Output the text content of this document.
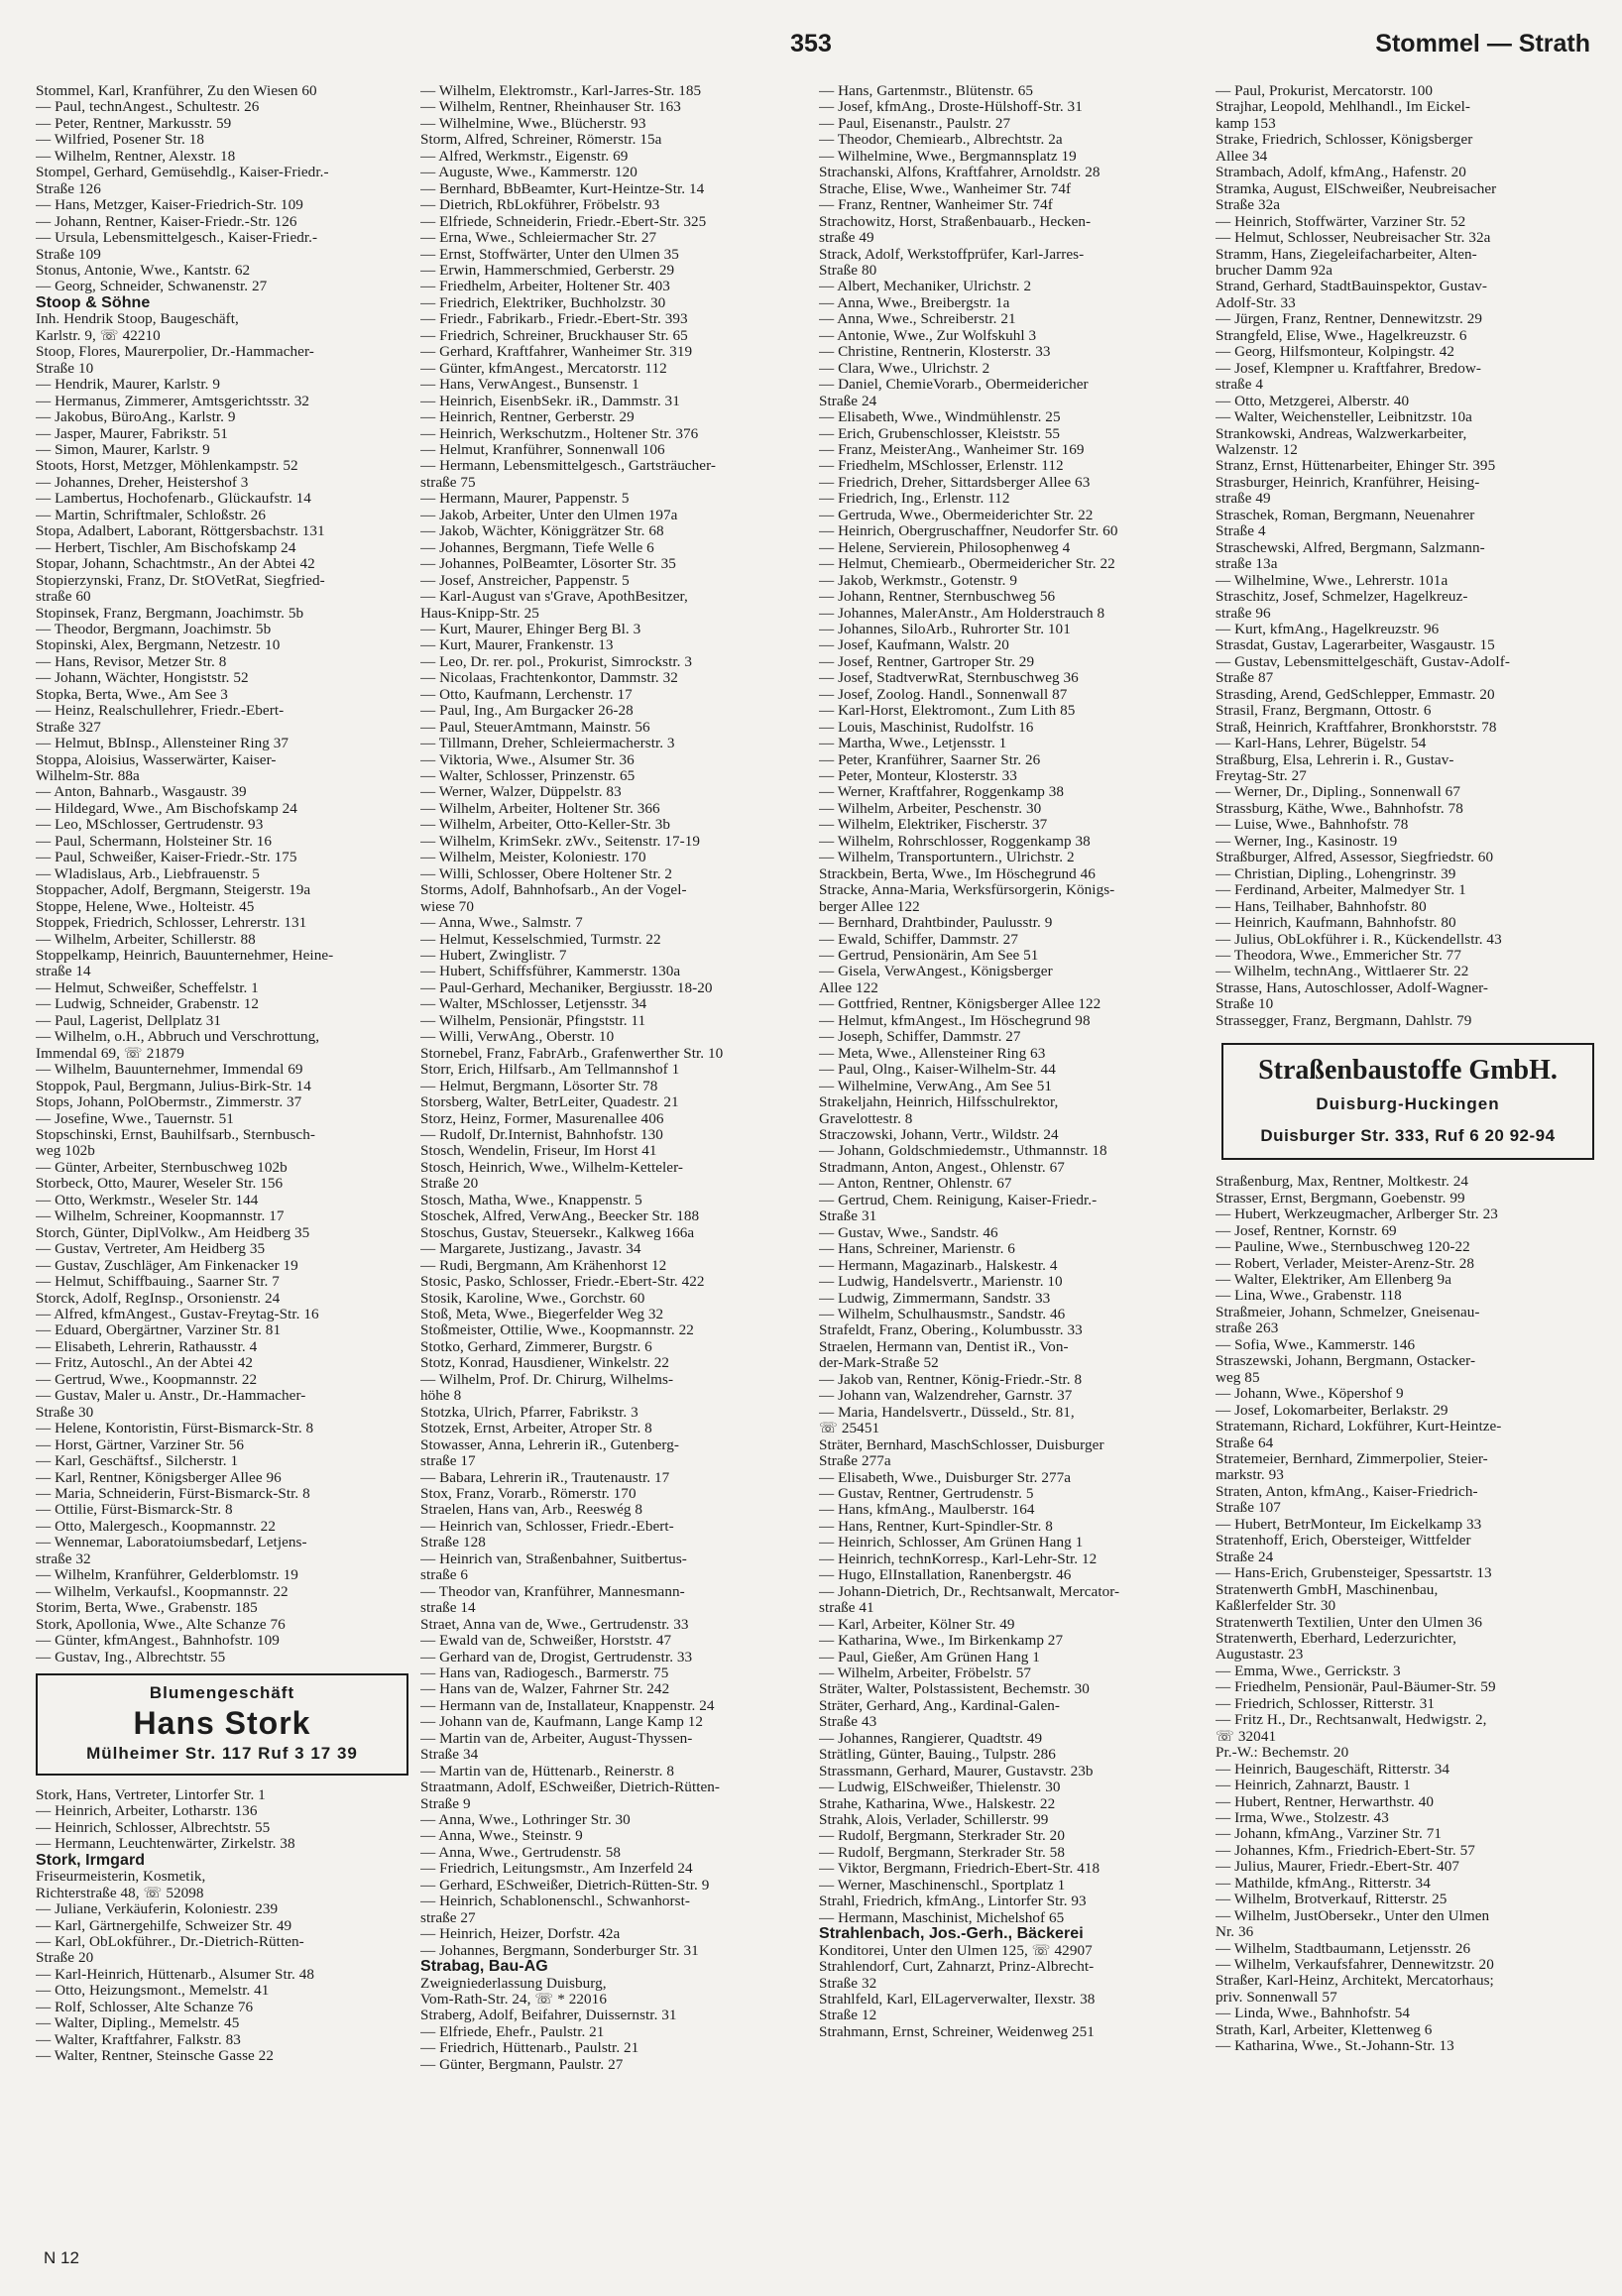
353	Stommel — Strath
Stommel, Karl, Kranführer, Zu den Wiesen 60
— Paul, technAngest., Schultestr. 26
— Peter, Rentner, Markusstr. 59
— Wilfried, Posener Str. 18
— Wilhelm, Rentner, Alexstr. 18
Stompel, Gerhard, Gemüsehdlg., Kaiser-Friedr.-
Straße 126
— Hans, Metzger, Kaiser-Friedrich-Str. 109
— Johann, Rentner, Kaiser-Friedr.-Str. 126
— Ursula, Lebensmittelgesch., Kaiser-Friedr.-
Straße 109
Stonus, Antonie, Wwe., Kantstr. 62
— Georg, Schneider, Schwanenstr. 27
Stoop & Söhne
Inh. Hendrik Stoop, Baugeschäft,
Karlstr. 9, ☏ 42210
Stoop, Flores, Maurerpolier, Dr.-Hammacher-
Straße 10
— Hendrik, Maurer, Karlstr. 9
— Hermanus, Zimmerer, Amtsgerichtsstr. 32
— Jakobus, BüroAng., Karlstr. 9
— Jasper, Maurer, Fabrikstr. 51
— Simon, Maurer, Karlstr. 9
Stoots, Horst, Metzger, Möhlenkampstr. 52
— Johannes, Dreher, Heistershof 3
— Lambertus, Hochofenarb., Glückaufstr. 14
— Martin, Schriftmaler, Schloßstr. 26
Stopa, Adalbert, Laborant, Röttgersbachstr. 131
— Herbert, Tischler, Am Bischofskamp 24
Stopar, Johann, Schachtmstr., An der Abtei 42
Stopierzynski, Franz, Dr. StOVetRat, Siegfried-
straße 60
Stopinsek, Franz, Bergmann, Joachimstr. 5b
— Theodor, Bergmann, Joachimstr. 5b
Stopinski, Alex, Bergmann, Netzestr. 10
— Hans, Revisor, Metzer Str. 8
— Johann, Wächter, Hongiststr. 52
Stopka, Berta, Wwe., Am See 3
— Heinz, Realschullehrer, Friedr.-Ebert-
Straße 327
— Helmut, BbInsp., Allensteiner Ring 37
Stoppa, Aloisius, Wasserwärter, Kaiser-
Wilhelm-Str. 88a
— Anton, Bahnarb., Wasgaustr. 39
— Hildegard, Wwe., Am Bischofskamp 24
— Leo, MSchlosser, Gertrudenstr. 93
— Paul, Schermann, Holsteiner Str. 16
— Paul, Schweißer, Kaiser-Friedr.-Str. 175
— Wladislaus, Arb., Liebfrauenstr. 5
Stoppacher, Adolf, Bergmann, Steigerstr. 19a
Stoppe, Helene, Wwe., Holteistr. 45
Stoppek, Friedrich, Schlosser, Lehrerstr. 131
— Wilhelm, Arbeiter, Schillerstr. 88
Stoppelkamp, Heinrich, Bauunternehmer, Heine-
straße 14
— Helmut, Schweißer, Scheffelstr. 1
— Ludwig, Schneider, Grabenstr. 12
— Paul, Lagerist, Dellplatz 31
— Wilhelm, o.H., Abbruch und Verschrottung,
Immendal 69, ☏ 21879
— Wilhelm, Bauunternehmer, Immendal 69
Stoppok, Paul, Bergmann, Julius-Birk-Str. 14
Stops, Johann, PolObermstr., Zimmerstr. 37
— Josefine, Wwe., Tauernstr. 51
Stopschinski, Ernst, Bauhilfsarb., Sternbusch-
weg 102b
— Günter, Arbeiter, Sternbuschweg 102b
Storbeck, Otto, Maurer, Weseler Str. 156
— Otto, Werkmstr., Weseler Str. 144
— Wilhelm, Schreiner, Koopmannstr. 17
Storch, Günter, DiplVolkw., Am Heidberg 35
— Gustav, Vertreter, Am Heidberg 35
— Gustav, Zuschläger, Am Finkenacker 19
— Helmut, Schiffbauing., Saarner Str. 7
Storck, Adolf, RegInsp., Orsonienstr. 24
— Alfred, kfmAngest., Gustav-Freytag-Str. 16
— Eduard, Obergärtner, Varziner Str. 81
— Elisabeth, Lehrerin, Rathausstr. 4
— Fritz, Autoschl., An der Abtei 42
— Gertrud, Wwe., Koopmannstr. 22
— Gustav, Maler u. Anstr., Dr.-Hammacher-
Straße 30
— Helene, Kontoristin, Fürst-Bismarck-Str. 8
— Horst, Gärtner, Varziner Str. 56
— Karl, Geschäftsf., Silcherstr. 1
— Karl, Rentner, Königsberger Allee 96
— Maria, Schneiderin, Fürst-Bismarck-Str. 8
— Ottilie, Fürst-Bismarck-Str. 8
— Otto, Malergesch., Koopmannstr. 22
— Wennemar, Laboratoiumsbedarf, Letjens-
straße 32
— Wilhelm, Kranführer, Gelderblomstr. 19
— Wilhelm, Verkaufsl., Koopmannstr. 22
Storim, Berta, Wwe., Grabenstr. 185
Stork, Apollonia, Wwe., Alte Schanze 76
— Günter, kfmAngest., Bahnhofstr. 109
— Gustav, Ing., Albrechtstr. 55
Blumengeschäft
Hans Stork
Mülheimer Str. 117 Ruf 3 17 39
Stork, Hans, Vertreter, Lintorfer Str. 1
— Heinrich, Arbeiter, Lotharstr. 136
— Heinrich, Schlosser, Albrechtstr. 55
— Hermann, Leuchtenwärter, Zirkelstr. 38
Stork, Irmgard
Friseurmeisterin, Kosmetik,
Richterstraße 48, ☏ 52098
— Juliane, Verkäuferin, Koloniestr. 239
— Karl, Gärtnergehilfe, Schweizer Str. 49
— Karl, ObLokführer., Dr.-Dietrich-Rütten-
Straße 20
— Karl-Heinrich, Hüttenarb., Alsumer Str. 48
— Otto, Heizungsmont., Memelstr. 41
— Rolf, Schlosser, Alte Schanze 76
— Walter, Dipling., Memelstr. 45
— Walter, Kraftfahrer, Falkstr. 83
— Walter, Rentner, Steinsche Gasse 22
— Wilhelm, Elektromstr., Karl-Jarres-Str. 185
— Wilhelm, Rentner, Rheinhauser Str. 163
— Wilhelmine, Wwe., Blücherstr. 93
Storm, Alfred, Schreiner, Römerstr. 15a
— Alfred, Werkmstr., Eigenstr. 69
— Auguste, Wwe., Kammerstr. 120
— Bernhard, BbBeamter, Kurt-Heintze-Str. 14
— Dietrich, RbLokführer, Fröbelstr. 93
— Elfriede, Schneiderin, Friedr.-Ebert-Str. 325
— Erna, Wwe., Schleiermacher Str. 27
— Ernst, Stoffwärter, Unter den Ulmen 35
— Erwin, Hammerschmied, Gerberstr. 29
— Friedhelm, Arbeiter, Holtener Str. 403
— Friedrich, Elektriker, Buchholzstr. 30
— Friedr., Fabrikarb., Friedr.-Ebert-Str. 393
— Friedrich, Schreiner, Bruckhauser Str. 65
— Gerhard, Kraftfahrer, Wanheimer Str. 319
— Günter, kfmAngest., Mercatorstr. 112
— Hans, VerwAngest., Bunsenstr. 1
— Heinrich, EisenbSekr. iR., Dammstr. 31
— Heinrich, Rentner, Gerberstr. 29
— Heinrich, Werkschutzm., Holtener Str. 376
— Helmut, Kranführer, Sonnenwall 106
— Hermann, Lebensmittelgesch., Gartsträucher-
straße 75
— Hermann, Maurer, Pappenstr. 5
— Jakob, Arbeiter, Unter den Ulmen 197a
— Jakob, Wächter, Königgrätzer Str. 68
— Johannes, Bergmann, Tiefe Welle 6
— Johannes, PolBeamter, Lösorter Str. 35
— Josef, Anstreicher, Pappenstr. 5
— Karl-August van s'Grave, ApothBesitzer,
Haus-Knipp-Str. 25
— Kurt, Maurer, Ehinger Berg Bl. 3
— Kurt, Maurer, Frankenstr. 13
— Leo, Dr. rer. pol., Prokurist, Simrockstr. 3
— Nicolaas, Frachtenkontor, Dammstr. 32
— Otto, Kaufmann, Lerchenstr. 17
— Paul, Ing., Am Burgacker 26-28
— Paul, SteuerAmtmann, Mainstr. 56
— Tillmann, Dreher, Schleiermacherstr. 3
— Viktoria, Wwe., Alsumer Str. 36
— Walter, Schlosser, Prinzenstr. 65
— Werner, Walzer, Düppelstr. 83
— Wilhelm, Arbeiter, Holtener Str. 366
— Wilhelm, Arbeiter, Otto-Keller-Str. 3b
— Wilhelm, KrimSekr. zWv., Seitenstr. 17-19
— Wilhelm, Meister, Koloniestr. 170
— Willi, Schlosser, Obere Holtener Str. 2
Storms, Adolf, Bahnhofsarb., An der Vogel-
wiese 70
— Anna, Wwe., Salmstr. 7
— Helmut, Kesselschmied, Turmstr. 22
— Hubert, Zwinglistr. 7
— Hubert, Schiffsführer, Kammerstr. 130a
— Paul-Gerhard, Mechaniker, Bergiusstr. 18-20
— Walter, MSchlosser, Letjensstr. 34
— Wilhelm, Pensionär, Pfingststr. 11
— Willi, VerwAng., Oberstr. 10
Stornebel, Franz, FabrArb., Grafenwerther Str. 10
Storr, Erich, Hilfsarb., Am Tellmannshof 1
— Helmut, Bergmann, Lösorter Str. 78
Storsberg, Walter, BetrLeiter, Quadestr. 21
Storz, Heinz, Former, Masurenallee 406
— Rudolf, Dr.Internist, Bahnhofstr. 130
Stosch, Wendelin, Friseur, Im Horst 41
Stosch, Heinrich, Wwe., Wilhelm-Ketteler-
Straße 20
Stosch, Matha, Wwe., Knappenstr. 5
Stoschek, Alfred, VerwAng., Beecker Str. 188
Stoschus, Gustav, Steuersekr., Kalkweg 166a
— Margarete, Justizang., Javastr. 34
— Rudi, Bergmann, Am Krähenhorst 12
Stosic, Pasko, Schlosser, Friedr.-Ebert-Str. 422
Stosik, Karoline, Wwe., Gorchstr. 60
Stoß, Meta, Wwe., Biegerfelder Weg 32
Stoßmeister, Ottilie, Wwe., Koopmannstr. 22
Stotko, Gerhard, Zimmerer, Burgstr. 6
Stotz, Konrad, Hausdiener, Winkelstr. 22
— Wilhelm, Prof. Dr. Chirurg, Wilhelms-
höhe 8
Stotzka, Ulrich, Pfarrer, Fabrikstr. 3
Stotzek, Ernst, Arbeiter, Atroper Str. 8
Stowasser, Anna, Lehrerin iR., Gutenberg-
straße 17
— Babara, Lehrerin iR., Trautenaustr. 17
Stox, Franz, Vorarb., Römerstr. 170
Straelen, Hans van, Arb., Reeswég 8
— Heinrich van, Schlosser, Friedr.-Ebert-
Straße 128
— Heinrich van, Straßenbahner, Suitbertus-
straße 6
— Theodor van, Kranführer, Mannesmann-
straße 14
Straet, Anna van de, Wwe., Gertrudenstr. 33
— Ewald van de, Schweißer, Horststr. 47
— Gerhard van de, Drogist, Gertrudenstr. 33
— Hans van, Radiogesch., Barmerstr. 75
— Hans van de, Walzer, Fahrner Str. 242
— Hermann van de, Installateur, Knappenstr. 24
— Johann van de, Kaufmann, Lange Kamp 12
— Martin van de, Arbeiter, August-Thyssen-
Straße 34
— Martin van de, Hüttenarb., Reinerstr. 8
Straatmann, Adolf, ESchweißer, Dietrich-Rütten-
Straße 9
— Anna, Wwe., Lothringer Str. 30
— Anna, Wwe., Steinstr. 9
— Anna, Wwe., Gertrudenstr. 58
— Friedrich, Leitungsmstr., Am Inzerfeld 24
— Gerhard, ESchweißer, Dietrich-Rütten-Str. 9
— Heinrich, Schablonenschl., Schwanhorst-
straße 27
— Heinrich, Heizer, Dorfstr. 42a
— Johannes, Bergmann, Sonderburger Str. 31
Strabag, Bau-AG
Zweigniederlassung Duisburg,
Vom-Rath-Str. 24, ☏ * 22016
Straberg, Adolf, Beifahrer, Duissernstr. 31
— Elfriede, Ehefr., Paulstr. 21
— Friedrich, Hüttenarb., Paulstr. 21
— Günter, Bergmann, Paulstr. 27
— Hans, Gartenmstr., Blütenstr. 65
— Josef, kfmAng., Droste-Hülshoff-Str. 31
— Paul, Eisenanstr., Paulstr. 27
— Theodor, Chemiearb., Albrechtstr. 2a
— Wilhelmine, Wwe., Bergmannsplatz 19
Strachanski, Alfons, Kraftfahrer, Arnoldstr. 28
Strache, Elise, Wwe., Wanheimer Str. 74f
— Franz, Rentner, Wanheimer Str. 74f
Strachowitz, Horst, Straßenbauarb., Hecken-
straße 49
Strack, Adolf, Werkstoffprüfer, Karl-Jarres-
Straße 80
— Albert, Mechaniker, Ulrichstr. 2
— Anna, Wwe., Breibergstr. 1a
— Anna, Wwe., Schreiberstr. 21
— Antonie, Wwe., Zur Wolfskuhl 3
— Christine, Rentnerin, Klosterstr. 33
— Clara, Wwe., Ulrichstr. 2
— Daniel, ChemieVorarb., Obermeidericher
Straße 24
— Elisabeth, Wwe., Windmühlenstr. 25
— Erich, Grubenschlosser, Kleiststr. 55
— Franz, MeisterAng., Wanheimer Str. 169
— Friedhelm, MSchlosser, Erlenstr. 112
— Friedrich, Dreher, Sittardsberger Allee 63
— Friedrich, Ing., Erlenstr. 112
— Gertruda, Wwe., Obermeiderichter Str. 22
— Heinrich, Obergruschaffner, Neudorfer Str. 60
— Helene, Servierein, Philosophenweg 4
— Helmut, Chemiearb., Obermeidericher Str. 22
— Jakob, Werkmstr., Gotenstr. 9
— Johann, Rentner, Sternbuschweg 56
— Johannes, MalerAnstr., Am Holderstrauch 8
— Johannes, SiloArb., Ruhrorter Str. 101
— Josef, Kaufmann, Walstr. 20
— Josef, Rentner, Gartroper Str. 29
— Josef, StadtverwRat, Sternbuschweg 36
— Josef, Zoolog. Handl., Sonnenwall 87
— Karl-Horst, Elektromont., Zum Lith 85
— Louis, Maschinist, Rudolfstr. 16
— Martha, Wwe., Letjensstr. 1
— Peter, Kranführer, Saarner Str. 26
— Peter, Monteur, Klosterstr. 33
— Werner, Kraftfahrer, Roggenkamp 38
— Wilhelm, Arbeiter, Peschenstr. 30
— Wilhelm, Elektriker, Fischerstr. 37
— Wilhelm, Rohrschlosser, Roggenkamp 38
— Wilhelm, Transportuntern., Ulrichstr. 2
Strackbein, Berta, Wwe., Im Höschegrund 46
Stracke, Anna-Maria, Werksfürsorgerin, Königs-
berger Allee 122
— Bernhard, Drahtbinder, Paulusstr. 9
— Ewald, Schiffer, Dammstr. 27
— Gertrud, Pensionärin, Am See 51
— Gisela, VerwAngest., Königsberger
Allee 122
— Gottfried, Rentner, Königsberger Allee 122
— Helmut, kfmAngest., Im Höschegrund 98
— Joseph, Schiffer, Dammstr. 27
— Meta, Wwe., Allensteiner Ring 63
— Paul, Olng., Kaiser-Wilhelm-Str. 44
— Wilhelmine, VerwAng., Am See 51
Strakeljahn, Heinrich, Hilfsschulrektor,
Gravelottestr. 8
Straczowski, Johann, Vertr., Wildstr. 24
— Johann, Goldschmiedemstr., Uthmannstr. 18
Stradmann, Anton, Angest., Ohlenstr. 67
— Anton, Rentner, Ohlenstr. 67
— Gertrud, Chem. Reinigung, Kaiser-Friedr.-
Straße 31
— Gustav, Wwe., Sandstr. 46
— Hans, Schreiner, Marienstr. 6
— Hermann, Magazinarb., Halskestr. 4
— Ludwig, Handelsvertr., Marienstr. 10
— Ludwig, Zimmermann, Sandstr. 33
— Wilhelm, Schulhausmstr., Sandstr. 46
Strafeldt, Franz, Obering., Kolumbusstr. 33
Straelen, Hermann van, Dentist iR., Von-
der-Mark-Straße 52
— Jakob van, Rentner, König-Friedr.-Str. 8
— Johann van, Walzendreher, Garnstr. 37
— Maria, Handelsvertr., Düsseld., Str. 81,
☏ 25451
Sträter, Bernhard, MaschSchlosser, Duisburger
Straße 277a
— Elisabeth, Wwe., Duisburger Str. 277a
— Gustav, Rentner, Gertrudenstr. 5
— Hans, kfmAng., Maulberstr. 164
— Hans, Rentner, Kurt-Spindler-Str. 8
— Heinrich, Schlosser, Am Grünen Hang 1
— Heinrich, technKorresp., Karl-Lehr-Str. 12
— Hugo, ElInstallation, Ranenbergstr. 46
— Johann-Dietrich, Dr., Rechtsanwalt, Mercator-
straße 41
— Karl, Arbeiter, Kölner Str. 49
— Katharina, Wwe., Im Birkenkamp 27
— Paul, Gießer, Am Grünen Hang 1
— Wilhelm, Arbeiter, Fröbelstr. 57
Sträter, Walter, Polstassistent, Bechemstr. 30
Sträter, Gerhard, Ang., Kardinal-Galen-
Straße 43
— Johannes, Rangierer, Quadtstr. 49
Strätling, Günter, Bauing., Tulpstr. 286
Strassmann, Gerhard, Maurer, Gustavstr. 23b
— Ludwig, ElSchweißer, Thielenstr. 30
Strahe, Katharina, Wwe., Halskestr. 22
Strahk, Alois, Verlader, Schillerstr. 99
— Rudolf, Bergmann, Sterkrader Str. 20
— Rudolf, Bergmann, Sterkrader Str. 58
— Viktor, Bergmann, Friedrich-Ebert-Str. 418
— Werner, Maschinenschl., Sportplatz 1
Strahl, Friedrich, kfmAng., Lintorfer Str. 93
— Hermann, Maschinist, Michelshof 65
Strahlenbach, Jos.-Gerh., Bäckerei
Konditorei, Unter den Ulmen 125, ☏ 42907
Strahlendorf, Curt, Zahnarzt, Prinz-Albrecht-
Straße 32
Strahlfeld, Karl, ElLagerverwalter, Ilexstr. 38
Straße 12
Strahmann, Ernst, Schreiner, Weidenweg 251
— Paul, Prokurist, Mercatorstr. 100
Strajhar, Leopold, Mehlhandl., Im Eickel-
kamp 153
Strake, Friedrich, Schlosser, Königsberger
Allee 34
Strambach, Adolf, kfmAng., Hafenstr. 20
Stramka, August, ElSchweißer, Neubreisacher
Straße 32a
— Heinrich, Stoffwärter, Varziner Str. 52
— Helmut, Schlosser, Neubreisacher Str. 32a
Stramm, Hans, Ziegeleifacharbeiter, Alten-
brucher Damm 92a
Strand, Gerhard, StadtBauinspektor, Gustav-
Adolf-Str. 33
— Jürgen, Franz, Rentner, Dennewitzstr. 29
Strangfeld, Elise, Wwe., Hagelkreuzstr. 6
— Georg, Hilfsmonteur, Kolpingstr. 42
— Josef, Klempner u. Kraftfahrer, Bredow-
straße 4
— Otto, Metzgerei, Alberstr. 40
— Walter, Weichensteller, Leibnitzstr. 10a
Strankowski, Andreas, Walzwerkarbeiter,
Walzenstr. 12
Stranz, Ernst, Hüttenarbeiter, Ehinger Str. 395
Strasburger, Heinrich, Kranführer, Heising-
straße 49
Straschek, Roman, Bergmann, Neuenahrer
Straße 4
Straschewski, Alfred, Bergmann, Salzmann-
straße 13a
— Wilhelmine, Wwe., Lehrerstr. 101a
Straschitz, Josef, Schmelzer, Hagelkreuz-
straße 96
— Kurt, kfmAng., Hagelkreuzstr. 96
Strasdat, Gustav, Lagerarbeiter, Wasgaustr. 15
— Gustav, Lebensmittelgeschäft, Gustav-Adolf-
Straße 87
Strasding, Arend, GedSchlepper, Emmastr. 20
Strasil, Franz, Bergmann, Ottostr. 6
Straß, Heinrich, Kraftfahrer, Bronkhorststr. 78
— Karl-Hans, Lehrer, Bügelstr. 54
Straßburg, Elsa, Lehrerin i. R., Gustav-
Freytag-Str. 27
— Werner, Dr., Dipling., Sonnenwall 67
Strassburg, Käthe, Wwe., Bahnhofstr. 78
— Luise, Wwe., Bahnhofstr. 78
— Werner, Ing., Kasinostr. 19
Straßburger, Alfred, Assessor, Siegfriedstr. 60
— Christian, Dipling., Lohengrinstr. 39
— Ferdinand, Arbeiter, Malmedyer Str. 1
— Hans, Teilhaber, Bahnhofstr. 80
— Heinrich, Kaufmann, Bahnhofstr. 80
— Julius, ObLokführer i. R., Kückendellstr. 43
— Theodora, Wwe., Emmericher Str. 77
— Wilhelm, technAng., Wittlaerer Str. 22
Strasse, Hans, Autoschlosser, Adolf-Wagner-
Straße 10
Strassegger, Franz, Bergmann, Dahlstr. 79
Straßenbaustoffe GmbH.
Duisburg-Huckingen
Duisburger Str. 333, Ruf 6 20 92-94
Straßenburg, Max, Rentner, Moltkestr. 24
Strasser, Ernst, Bergmann, Goebenstr. 99
— Hubert, Werkzeugmacher, Arlberger Str. 23
— Josef, Rentner, Kornstr. 69
— Pauline, Wwe., Sternbuschweg 120-22
— Robert, Verlader, Meister-Arenz-Str. 28
— Walter, Elektriker, Am Ellenberg 9a
— Lina, Wwe., Grabenstr. 118
Straßmeier, Johann, Schmelzer, Gneisenau-
straße 263
— Sofia, Wwe., Kammerstr. 146
Straszewski, Johann, Bergmann, Ostacker-
weg 85
— Johann, Wwe., Köpershof 9
— Josef, Lokomarbeiter, Berlakstr. 29
Stratemann, Richard, Lokführer, Kurt-Heintze-
Straße 64
Stratemeier, Bernhard, Zimmerpolier, Steier-
markstr. 93
Straten, Anton, kfmAng., Kaiser-Friedrich-
Straße 107
— Hubert, BetrMonteur, Im Eickelkamp 33
Stratenhoff, Erich, Obersteiger, Wittfelder
Straße 24
— Hans-Erich, Grubensteiger, Spessartstr. 13
Stratenwerth GmbH, Maschinenbau,
Kaßlerfelder Str. 30
Stratenwerth Textilien, Unter den Ulmen 36
Stratenwerth, Eberhard, Lederzurichter,
Augustastr. 23
— Emma, Wwe., Gerrickstr. 3
— Friedhelm, Pensionär, Paul-Bäumer-Str. 59
— Friedrich, Schlosser, Ritterstr. 31
— Fritz H., Dr., Rechtsanwalt, Hedwigstr. 2,
☏ 32041
Pr.-W.: Bechemstr. 20
— Heinrich, Baugeschäft, Ritterstr. 34
— Heinrich, Zahnarzt, Baustr. 1
— Hubert, Rentner, Herwarthstr. 40
— Irma, Wwe., Stolzestr. 43
— Johann, kfmAng., Varziner Str. 71
— Johannes, Kfm., Friedrich-Ebert-Str. 57
— Julius, Maurer, Friedr.-Ebert-Str. 407
— Mathilde, kfmAng., Ritterstr. 34
— Wilhelm, Brotverkauf, Ritterstr. 25
— Wilhelm, JustObersekr., Unter den Ulmen
Nr. 36
— Wilhelm, Stadtbaumann, Letjensstr. 26
— Wilhelm, Verkaufsfahrer, Dennewitzstr. 20
Straßer, Karl-Heinz, Architekt, Mercatorhaus;
priv. Sonnenwall 57
— Linda, Wwe., Bahnhofstr. 54
Strath, Karl, Arbeiter, Klettenweg 6
— Katharina, Wwe., St.-Johann-Str. 13
N 12
